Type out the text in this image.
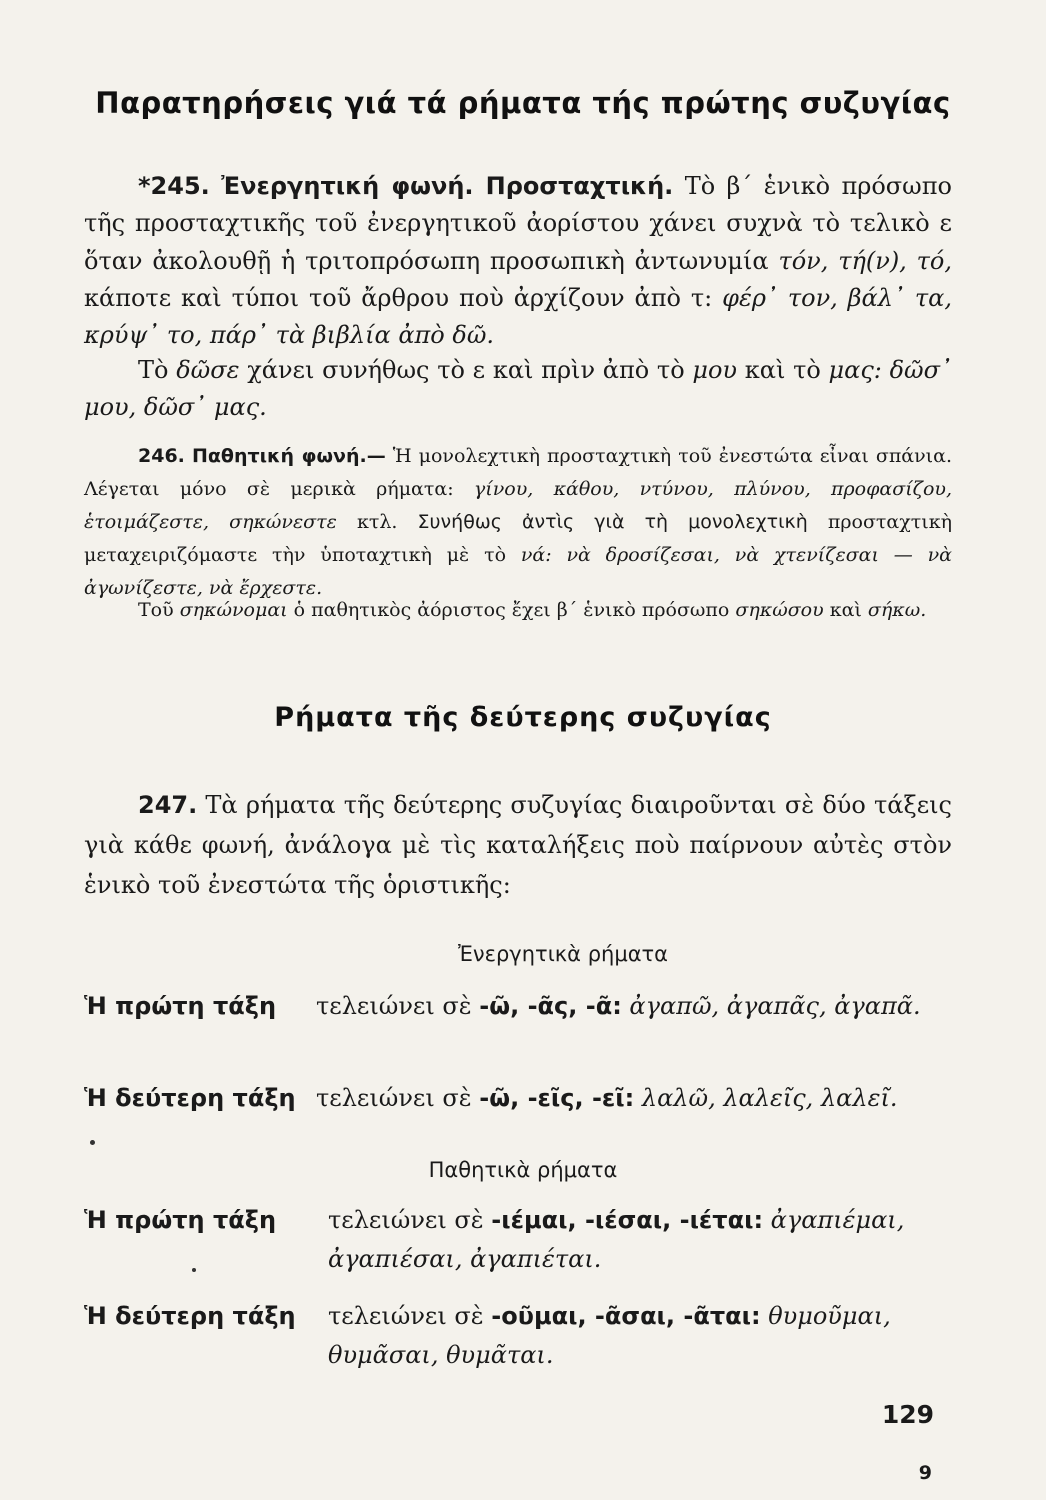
Παρατηρήσεις γιά τά ρήματα τής πρώτης συζυγίας

*245. Ἐνεργητική φωνή. Προσταχτική. Τὸ β΄ ἑνικὸ πρόσωπο τῆς προσταχτικῆς τοῦ ἐνεργητικοῦ ἀορίστου χάνει συχνὰ τὸ τελικὸ ε ὅταν ἀκολουθῇ ἡ τριτοπρόσωπη προσωπικὴ ἀντωνυμία τόν, τή(ν), τό, κάποτε καὶ τύποι τοῦ ἄρθρου ποὺ ἀρχίζουν ἀπὸ τ: φέρ᾽ τον, βάλ᾽ τα, κρύψ᾽ το, πάρ᾽ τὰ βιβλία ἀπὸ δῶ.

Τὸ δῶσε χάνει συνήθως τὸ ε καὶ πρὶν ἀπὸ τὸ μου καὶ τὸ μας: δῶσ᾽ μου, δῶσ᾽ μας.

246. Παθητική φωνή.— Ἡ μονολεχτικὴ προσταχτικὴ τοῦ ἐνεστώτα εἶναι σπάνια. Λέγεται μόνο σὲ μερικὰ ρήματα: γίνου, κάθου, ντύνου, πλύνου, προφασίζου, ἑτοιμάζεστε, σηκώνεστε κτλ. Συνήθως ἀντὶς γιὰ τὴ μονολεχτικὴ προσταχτικὴ μεταχειριζόμαστε τὴν ὑποταχτικὴ μὲ τὸ νά: νὰ δροσίζεσαι, νὰ χτενίζεσαι — νὰ ἀγωνίζεστε, νὰ ἔρχεστε.

Τοῦ σηκώνομαι ὁ παθητικὸς ἀόριστος ἔχει β΄ ἑνικὸ πρόσωπο σηκώσου καὶ σήκω.

Ρήματα τῆς δεύτερης συζυγίας

247. Τὰ ρήματα τῆς δεύτερης συζυγίας διαιροῦνται σὲ δύο τάξεις γιὰ κάθε φωνή, ἀνάλογα μὲ τὶς καταλήξεις ποὺ παίρνουν αὐτὲς στὸν ἑνικὸ τοῦ ἐνεστώτα τῆς ὁριστικῆς:

Ἐνεργητικὰ ρήματα
Ἡ πρώτη τάξη τελειώνει σὲ -ῶ, -ᾶς, -ᾶ: ἀγαπῶ, ἀγαπᾶς, ἀγαπᾶ.
Ἡ δεύτερη τάξη τελειώνει σὲ -ῶ, -εῖς, -εῖ: λαλῶ, λαλεῖς, λαλεῖ.
Παθητικὰ ρήματα
Ἡ πρώτη τάξη τελειώνει σὲ -ιέμαι, -ιέσαι, -ιέται: ἀγαπιέμαι, ἀγαπιέσαι, ἀγαπιέται.
Ἡ δεύτερη τάξη τελειώνει σὲ -οῦμαι, -ᾶσαι, -ᾶται: θυμοῦμαι, θυμᾶσαι, θυμᾶται.
129
9
